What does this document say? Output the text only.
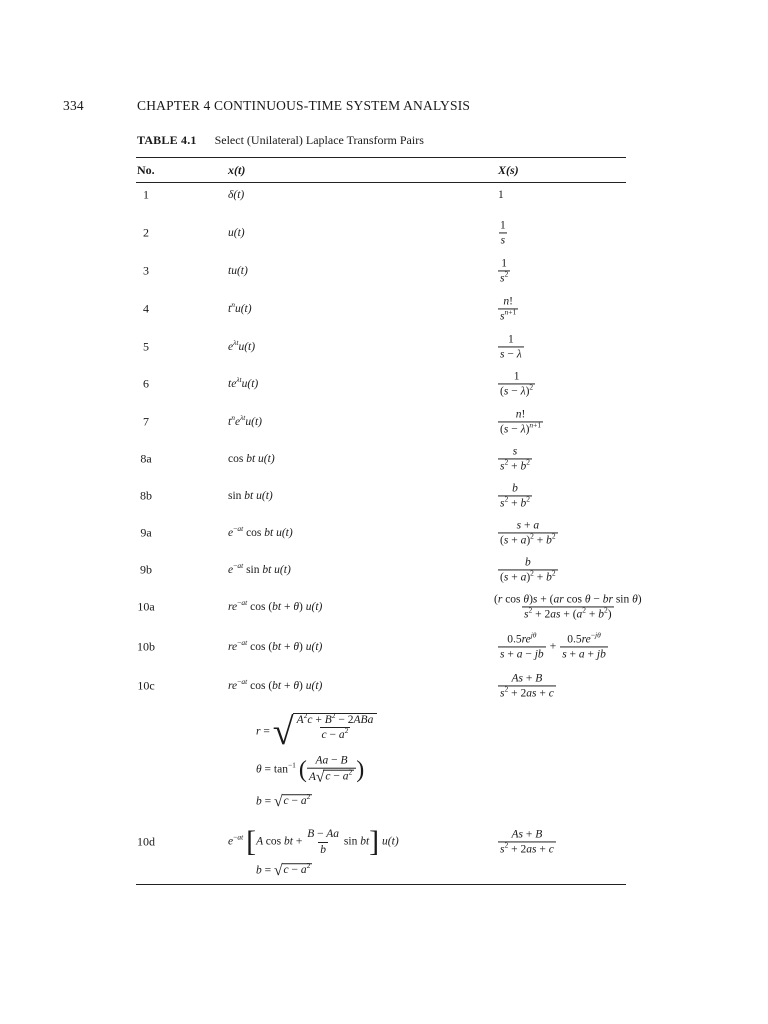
334	CHAPTER 4 CONTINUOUS-TIME SYSTEM ANALYSIS
TABLE 4.1 Select (Unilateral) Laplace Transform Pairs
No.	x(t)	X(s)
1	δ(t)	1
2	u(t)	$\frac{1}{s}$
3	tu(t)	$\frac{1}{s^2}$
4	$t^nu(t)$	$\frac{n!}{s^{n+1}}$
5	$e^{\lambda t}u(t)$	$\frac{1}{s - \lambda}$
6	$te^{\lambda t}u(t)$	$\frac{1}{(s - \lambda)^2}$
7	$t^ne^{\lambda t}u(t)$	$\frac{n!}{(s - \lambda)^{n+1}}$
8a	cos bt u(t)	$\frac{s}{s^2 + b^2}$
8b	sin bt u(t)	$\frac{b}{s^2 + b^2}$
9a	$e^{-at}$ cos bt u(t)	$\frac{s + a}{(s + a)^2 + b^2}$
9b	$e^{-at}$ sin bt u(t)	$\frac{b}{(s + a)^2 + b^2}$
10a	$re^{-at}$ cos (bt + θ) u(t)	$\frac{\text{(r cos θ)s + (ar cos θ − br sin θ)}}{s^2 + 2as + (a^2 + b^2)}$
10b	$re^{-at}$ cos (bt + θ) u(t)	$\frac{0.5re^{j\theta}}{s + a - jb} + \frac{0.5re^{-j\theta}}{s + a + jb}$
10c	$re^{-at}$ cos (bt + θ) u(t)	$\frac{As + B}{s^2 + 2as + c}$
r = √ $\frac{A^2c + B^2 - 2ABa}{c - a^2}$
$\theta = \tan^{-1}$ ( $\frac{Aa - B}{A √ c - a^2}$ )
b = √ $c - a^2$
10d	$e^{-at}$ [A cos bt + $\frac{B - Aa}{b}$ sin bt] u(t)	$\frac{As + B}{s^2 + 2as + c}$
b = √ $c - a^2$
